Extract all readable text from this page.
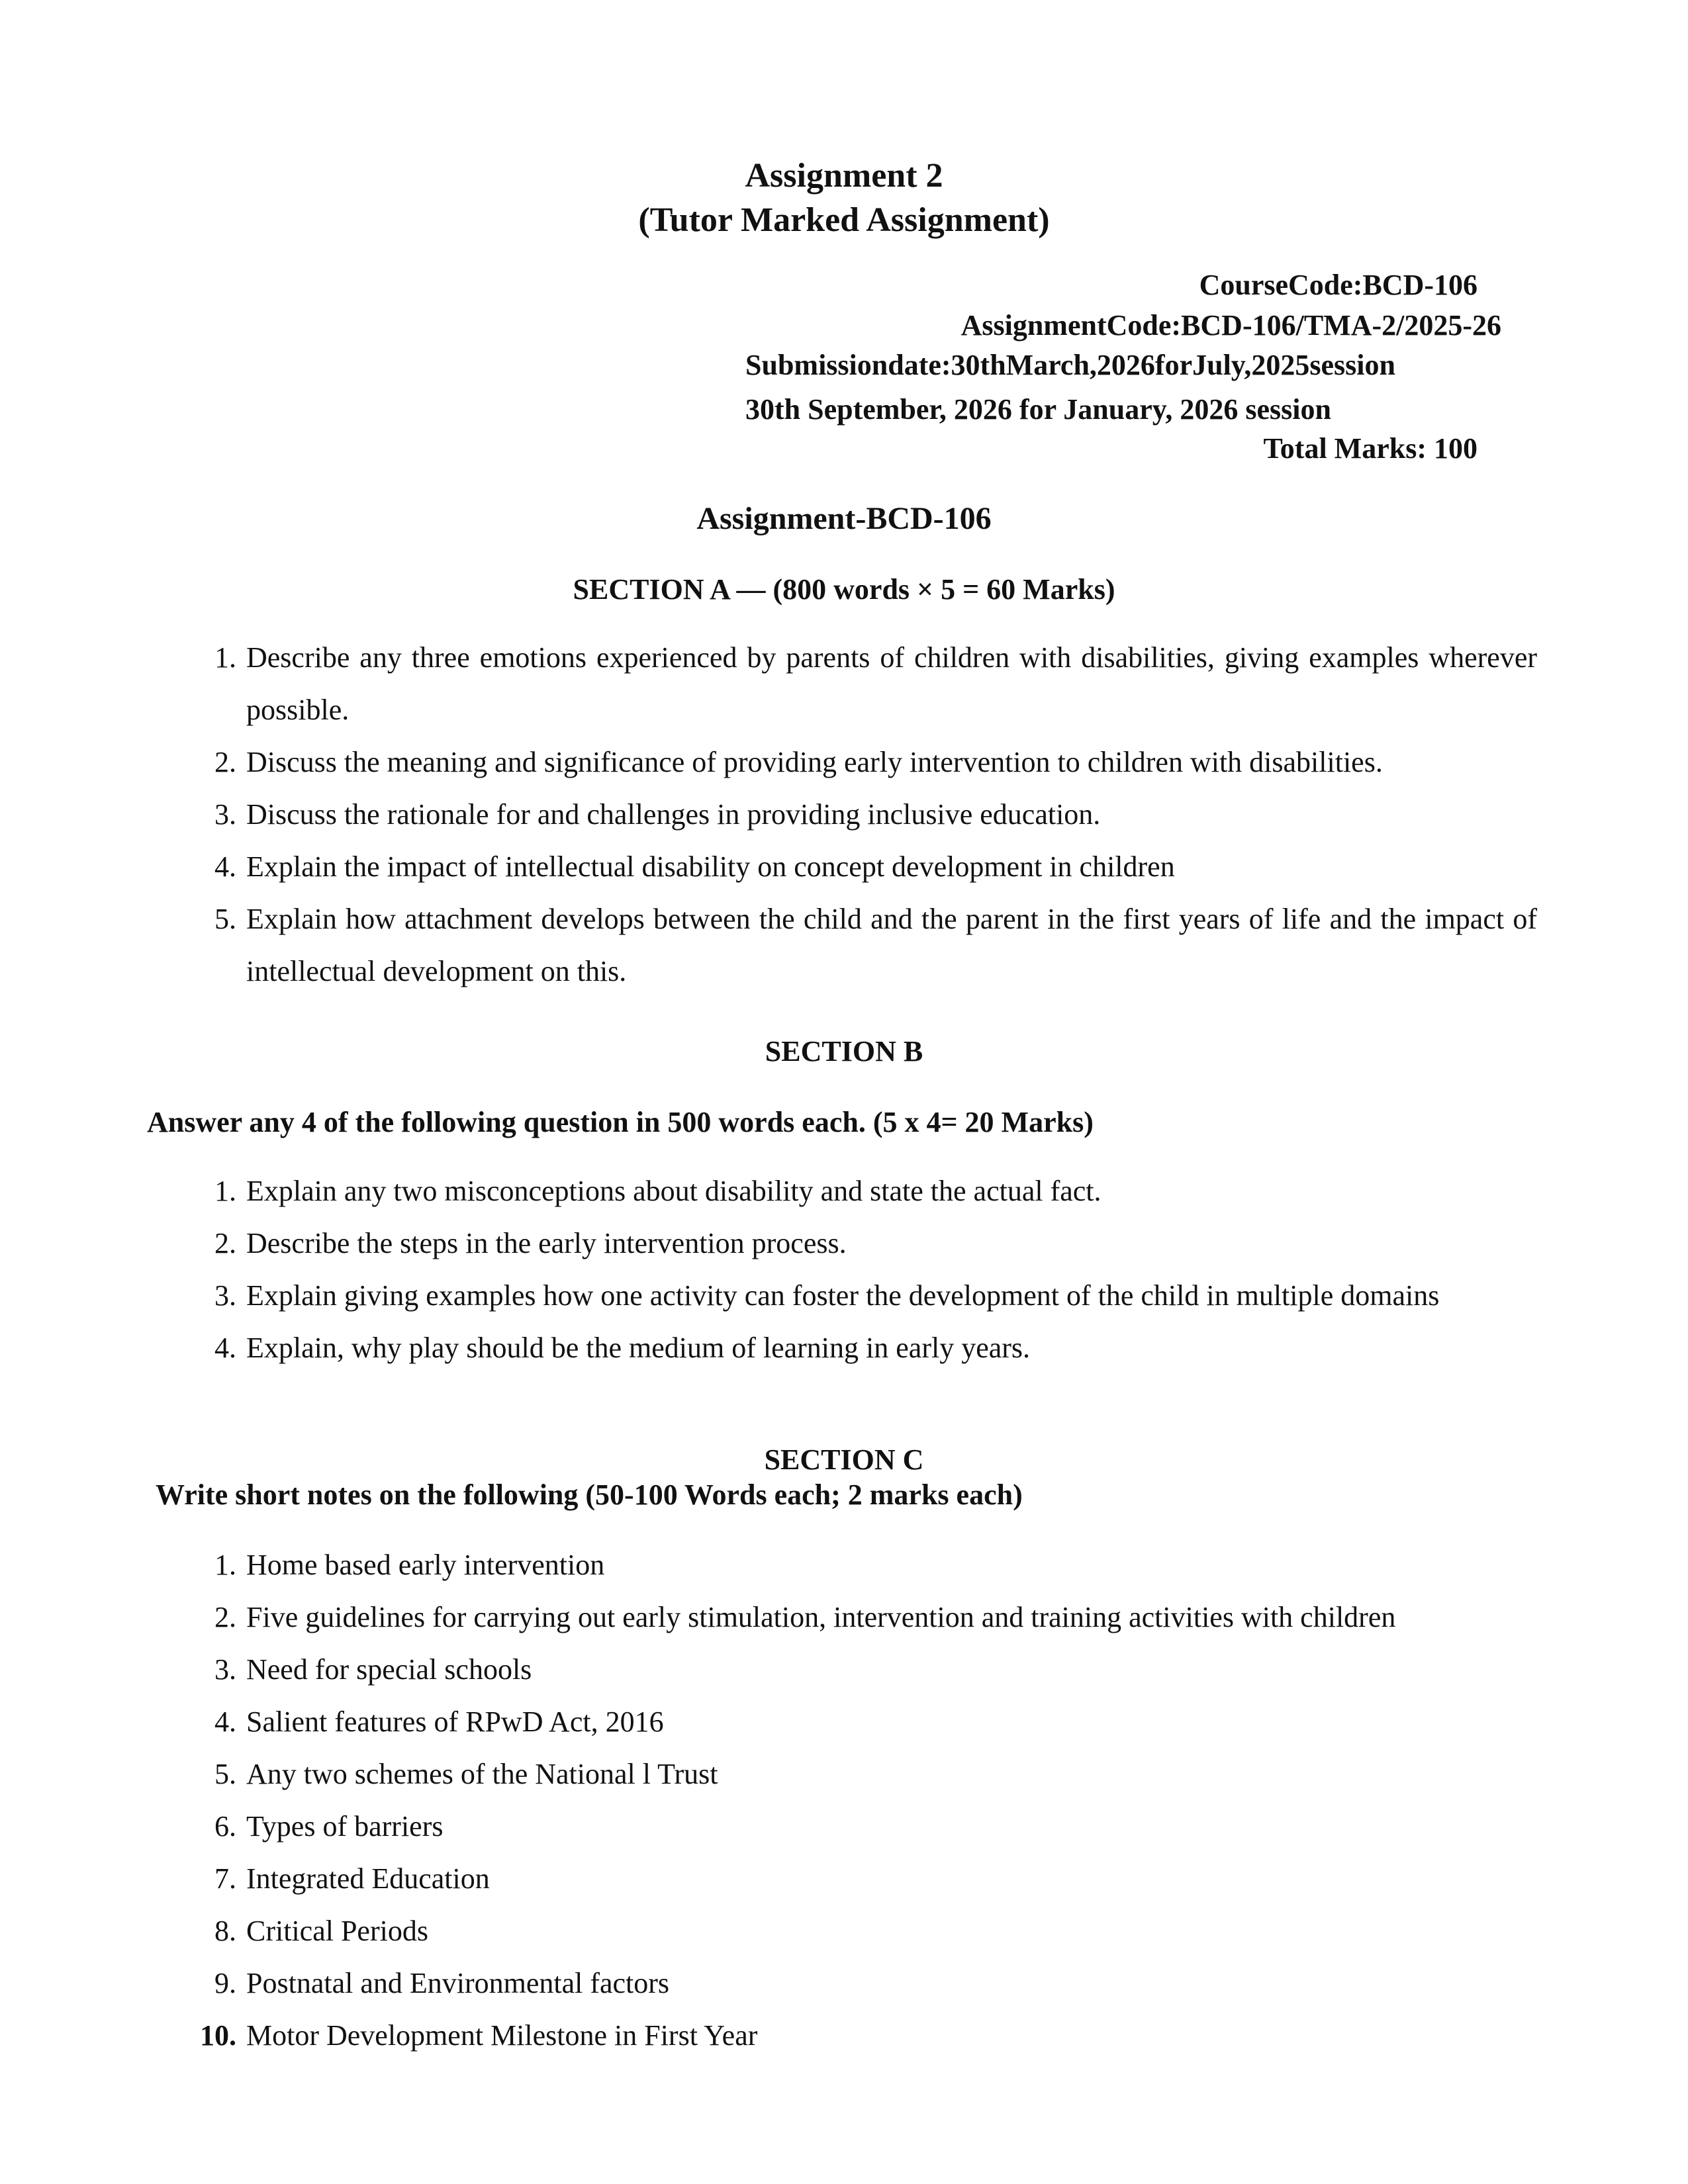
Assignment 2
(Tutor Marked Assignment)
CourseCode:BCD-106
AssignmentCode:BCD-106/TMA-2/2025-26
Submissiondate:30thMarch,2026forJuly,2025session
30th September, 2026 for January, 2026 session
Total Marks: 100
Assignment-BCD-106
SECTION A — (800 words × 5 = 60 Marks)
1. Describe any three emotions experienced by parents of children with disabilities, giving examples wherever possible.
2. Discuss the meaning and significance of providing early intervention to children with disabilities.
3. Discuss the rationale for and challenges in providing inclusive education.
4. Explain the impact of intellectual disability on concept development in children
5. Explain how attachment develops between the child and the parent in the first years of life and the impact of intellectual development on this.
SECTION B
Answer any 4 of the following question in 500 words each. (5 x 4= 20 Marks)
1. Explain any two misconceptions about disability and state the actual fact.
2. Describe the steps in the early intervention process.
3. Explain giving examples how one activity can foster the development of the child in multiple domains
4. Explain, why play should be the medium of learning in early years.
SECTION C
Write short notes on the following (50-100 Words each; 2 marks each)
1. Home based early intervention
2. Five guidelines for carrying out early stimulation, intervention and training activities with children
3. Need for special schools
4. Salient features of RPwD Act, 2016
5. Any two schemes of the National l Trust
6. Types of barriers
7. Integrated Education
8. Critical Periods
9. Postnatal and Environmental factors
10. Motor Development Milestone in First Year
